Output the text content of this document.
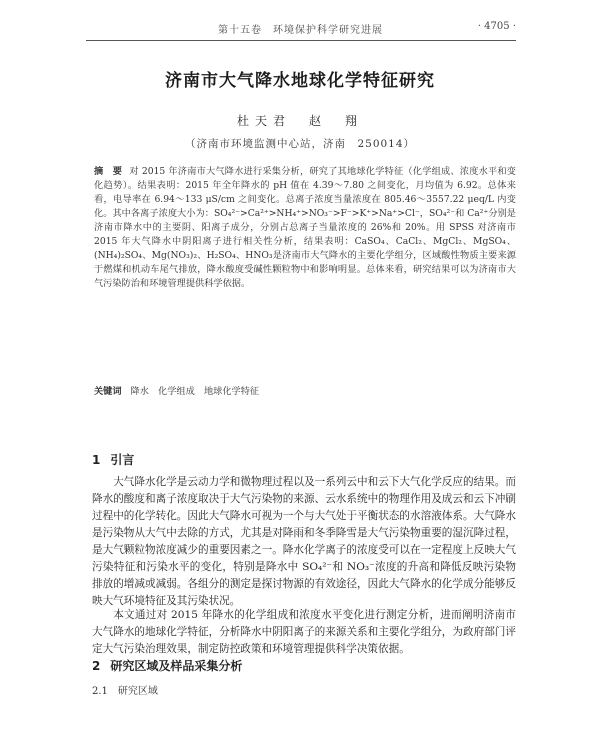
第十五卷　环境保护科学研究进展	· 4705 ·
济南市大气降水地球化学特征研究
杜天君　赵　翔
（济南市环境监测中心站，济南　250014）
摘　要 对 2015 年济南市大气降水进行采集分析，研究了其地球化学特征（化学组成、浓度水平和变化趋势）。结果表明：2015 年全年降水的 pH 值在 4.39～7.80 之间变化，月均值为 6.92。总体来看，电导率在 6.94～133 μS/cm 之间变化。总离子浓度当量浓度在 805.46～3557.22 μeq/L 内变化。其中各离子浓度大小为：SO₄²⁻>Ca²⁺>NH₄⁺>NO₃⁻>F⁻>K⁺>Na⁺>Cl⁻，SO₄²⁻和 Ca²⁺分别是济南市降水中的主要阴、阳离子成分，分别占总离子当量浓度的 26%和 20%。用 SPSS 对济南市 2015 年大气降水中阴阳离子进行相关性分析，结果表明：CaSO₄、CaCl₂、MgCl₂、MgSO₄、(NH₄)₂SO₄、Mg(NO₃)₂、H₂SO₄、HNO₃是济南市大气降水的主要化学组分，区域酸性物质主要来源于燃煤和机动车尾气排放，降水酸度受碱性颗粒物中和影响明显。总体来看，研究结果可以为济南市大气污染防治和环境管理提供科学依据。
关键词 降水　化学组成　地球化学特征
1 引言
大气降水化学是云动力学和微物理过程以及一系列云中和云下大气化学反应的结果。而降水的酸度和离子浓度取决于大气污染物的来源、云水系统中的物理作用及成云和云下冲刷过程中的化学转化。因此大气降水可视为一个与大气处于平衡状态的水溶液体系。大气降水是污染物从大气中去除的方式，尤其是对降雨和冬季降雪是大气污染物重要的湿沉降过程，是大气颗粒物浓度减少的重要因素之一。降水化学离子的浓度受可以在一定程度上反映大气污染特征和污染水平的变化，特别是降水中 SO₄²⁻和 NO₃⁻浓度的升高和降低反映污染物排放的增减或减弱。各组分的测定是探讨物源的有效途径，因此大气降水的化学成分能够反映大气环境特征及其污染状况。
本文通过对 2015 年降水的化学组成和浓度水平变化进行测定分析，进而阐明济南市大气降水的地球化学特征，分析降水中阴阳离子的来源关系和主要化学组分，为政府部门评定大气污染治理效果，制定防控政策和环境管理提供科学决策依据。
2 研究区域及样品采集分析
2.1 研究区域
